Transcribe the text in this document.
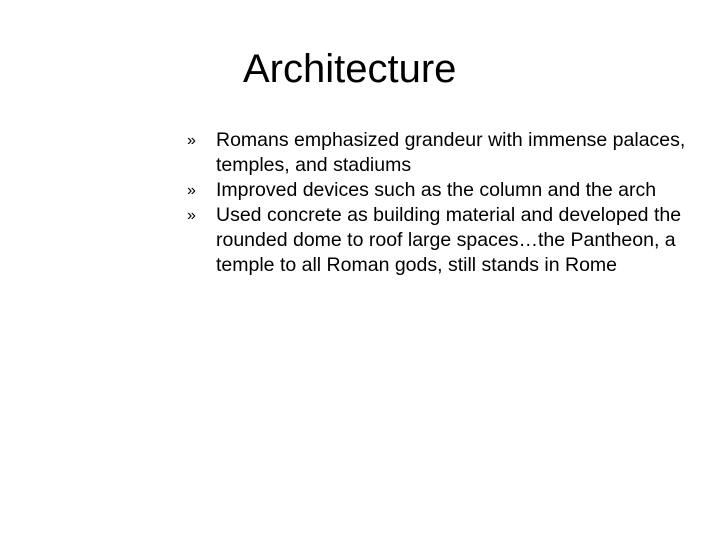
Architecture
»	Romans emphasized grandeur with immense palaces, temples, and stadiums
»	Improved devices such as the column and the arch
»	Used concrete as building material and developed the rounded dome to roof large spaces…the Pantheon, a temple to all Roman gods, still stands in Rome
